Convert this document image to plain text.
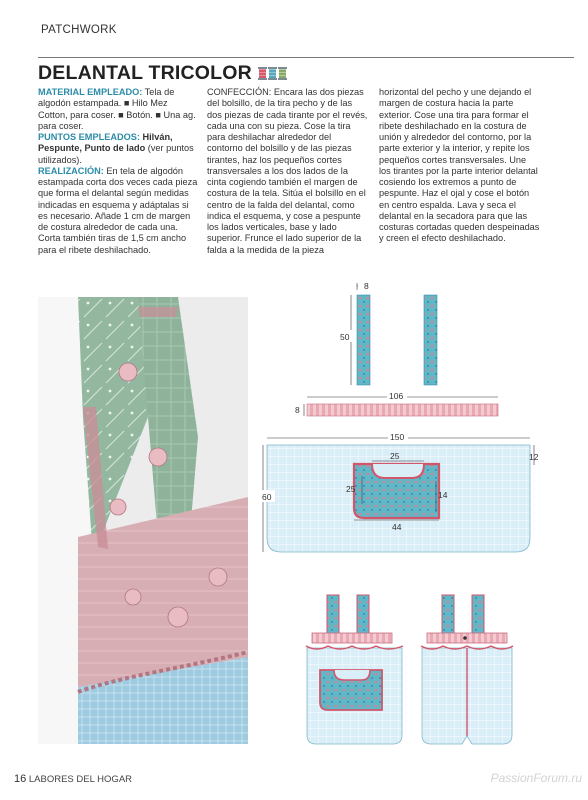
PATCHWORK
DELANTAL TRICOLOR

MATERIAL EMPLEADO: Tela de algodón estampada. ■ Hilo Mez Cotton, para coser. ■ Botón. ■ Una ag. para coser.

PUNTOS EMPLEADOS: Hilván, Pespunte, Punto de lado (ver puntos utilizados).

REALIZACIÓN: En tela de algodón estampada corta dos veces cada pieza que forma el delantal según medidas indicadas en esquema y adáptalas si es necesario. Añade 1 cm de margen de costura alrededor de cada una. Corta también tiras de 1,5 cm ancho para el ribete deshilachado.

CONFECCIÓN: Encara las dos piezas del bolsillo, de la tira pecho y de las dos piezas de cada tirante por el revés, cada una con su pieza. Cose la tira para deshilachar alrededor del contorno del bolsillo y de las piezas tirantes, haz los pequeños cortes transversales a los dos lados de la cinta cogiendo también el margen de costura de la tela. Sitúa el bolsillo en el centro de la falda del delantal, como indica el esquema, y cose a pespunte los lados verticales, base y lado superior. Frunce el lado superior de la falda a la medida de la pieza

horizontal del pecho y une dejando el margen de costura hacia la parte exterior. Cose una tira para formar el ribete deshilachado en la costura de unión y alrededor del contorno, por la parte exterior y la interior, y repite los pequeños cortes transversales. Une los tirantes por la parte interior delantal cosiendo los extremos a punto de pespunte. Haz el ojal y cose el botón en centro espalda. Lava y seca el delantal en la secadora para que las costuras cortadas queden despeinadas y creen el efecto deshilachado.

8
50
106
8
150
60
12
25
25
14
44
16 LABORES DEL HOGAR	PassionForum.ru
